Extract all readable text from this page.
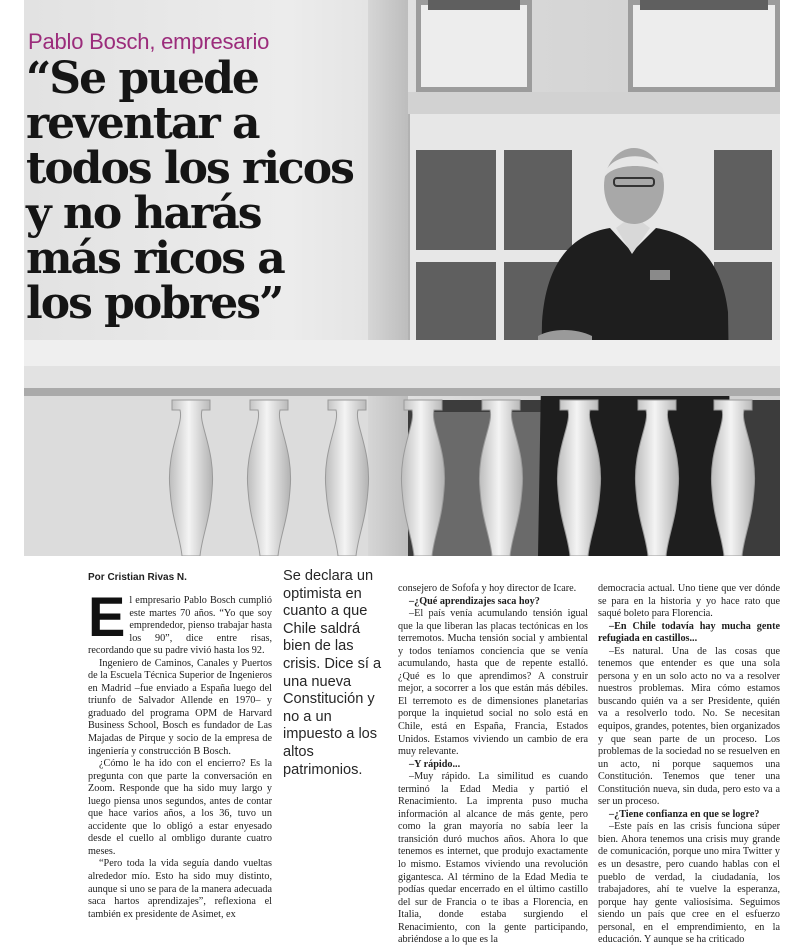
Pablo Bosch, empresario
“Se puede
reventar a
todos los ricos
y no harás
más ricos a
los pobres”
Por Cristian Rivas N.

El empresario Pablo Bosch cumplió este martes 70 años. “Yo que soy emprendedor, pienso trabajar hasta los 90”, dice entre risas, recordando que su padre vivió hasta los 92.

Ingeniero de Caminos, Canales y Puertos de la Escuela Técnica Superior de Ingenieros en Madrid –fue enviado a España luego del triunfo de Salvador Allende en 1970– y graduado del programa OPM de Harvard Business School, Bosch es fundador de Las Majadas de Pirque y socio de la empresa de ingeniería y construcción B Bosch.

¿Cómo le ha ido con el encierro? Es la pregunta con que parte la conversación en Zoom. Responde que ha sido muy largo y luego piensa unos segundos, antes de contar que hace varios años, a los 36, tuvo un accidente que lo obligó a estar enyesado desde el cuello al ombligo durante cuatro meses.

“Pero toda la vida seguía dando vueltas alrededor mío. Esto ha sido muy distinto, aunque si uno se para de la manera adecuada saca hartos aprendizajes”, reflexiona el también ex presidente de Asimet, ex

Se declara un
optimista en
cuanto a que
Chile saldrá
bien de las
crisis. Dice sí a
una nueva
Constitución y
no a un
impuesto a los
altos
patrimonios.

consejero de Sofofa y hoy director de Icare.

–¿Qué aprendizajes saca hoy?

–El país venía acumulando tensión igual que la que liberan las placas tectónicas en los terremotos. Mucha tensión social y ambiental y todos teníamos conciencia que se venía acumulando, hasta que de repente estalló. ¿Qué es lo que aprendimos? A construir mejor, a socorrer a los que están más débiles. El terremoto es de dimensiones planetarias porque la inquietud social no solo está en Chile, está en España, Francia, Estados Unidos. Estamos viviendo un cambio de era muy relevante.

–Y rápido...

–Muy rápido. La similitud es cuando terminó la Edad Media y partió el Renacimiento. La imprenta puso mucha información al alcance de más gente, pero como la gran mayoría no sabía leer la transición duró muchos años. Ahora lo que tenemos es internet, que produjo exactamente lo mismo. Estamos viviendo una revolución gigantesca. Al término de la Edad Media te podías quedar encerrado en el último castillo del sur de Francia o te ibas a Florencia, en Italia, donde estaba surgiendo el Renacimiento, con la gente participando, abriéndose a lo que es la

democracia actual. Uno tiene que ver dónde se para en la historia y yo hace rato que saqué boleto para Florencia.

–En Chile todavía hay mucha gente refugiada en castillos...

–Es natural. Una de las cosas que tenemos que entender es que una sola persona y en un solo acto no va a resolver nuestros problemas. Mira cómo estamos buscando quién va a ser Presidente, quién va a resolverlo todo. No. Se necesitan equipos, grandes, potentes, bien organizados y que sean parte de un proceso. Los problemas de la sociedad no se resuelven en un acto, ni porque saquemos una Constitución. Tenemos que tener una Constitución nueva, sin duda, pero esto va a ser un proceso.

–¿Tiene confianza en que se logre?

–Este país en las crisis funciona súper bien. Ahora tenemos una crisis muy grande de comunicación, porque uno mira Twitter y es un desastre, pero cuando hablas con el pueblo de verdad, la ciudadanía, los trabajadores, ahí te vuelve la esperanza, porque hay gente valiosísima. Seguimos siendo un país que cree en el esfuerzo personal, en el emprendimiento, en la educación. Y aunque se ha criticado
